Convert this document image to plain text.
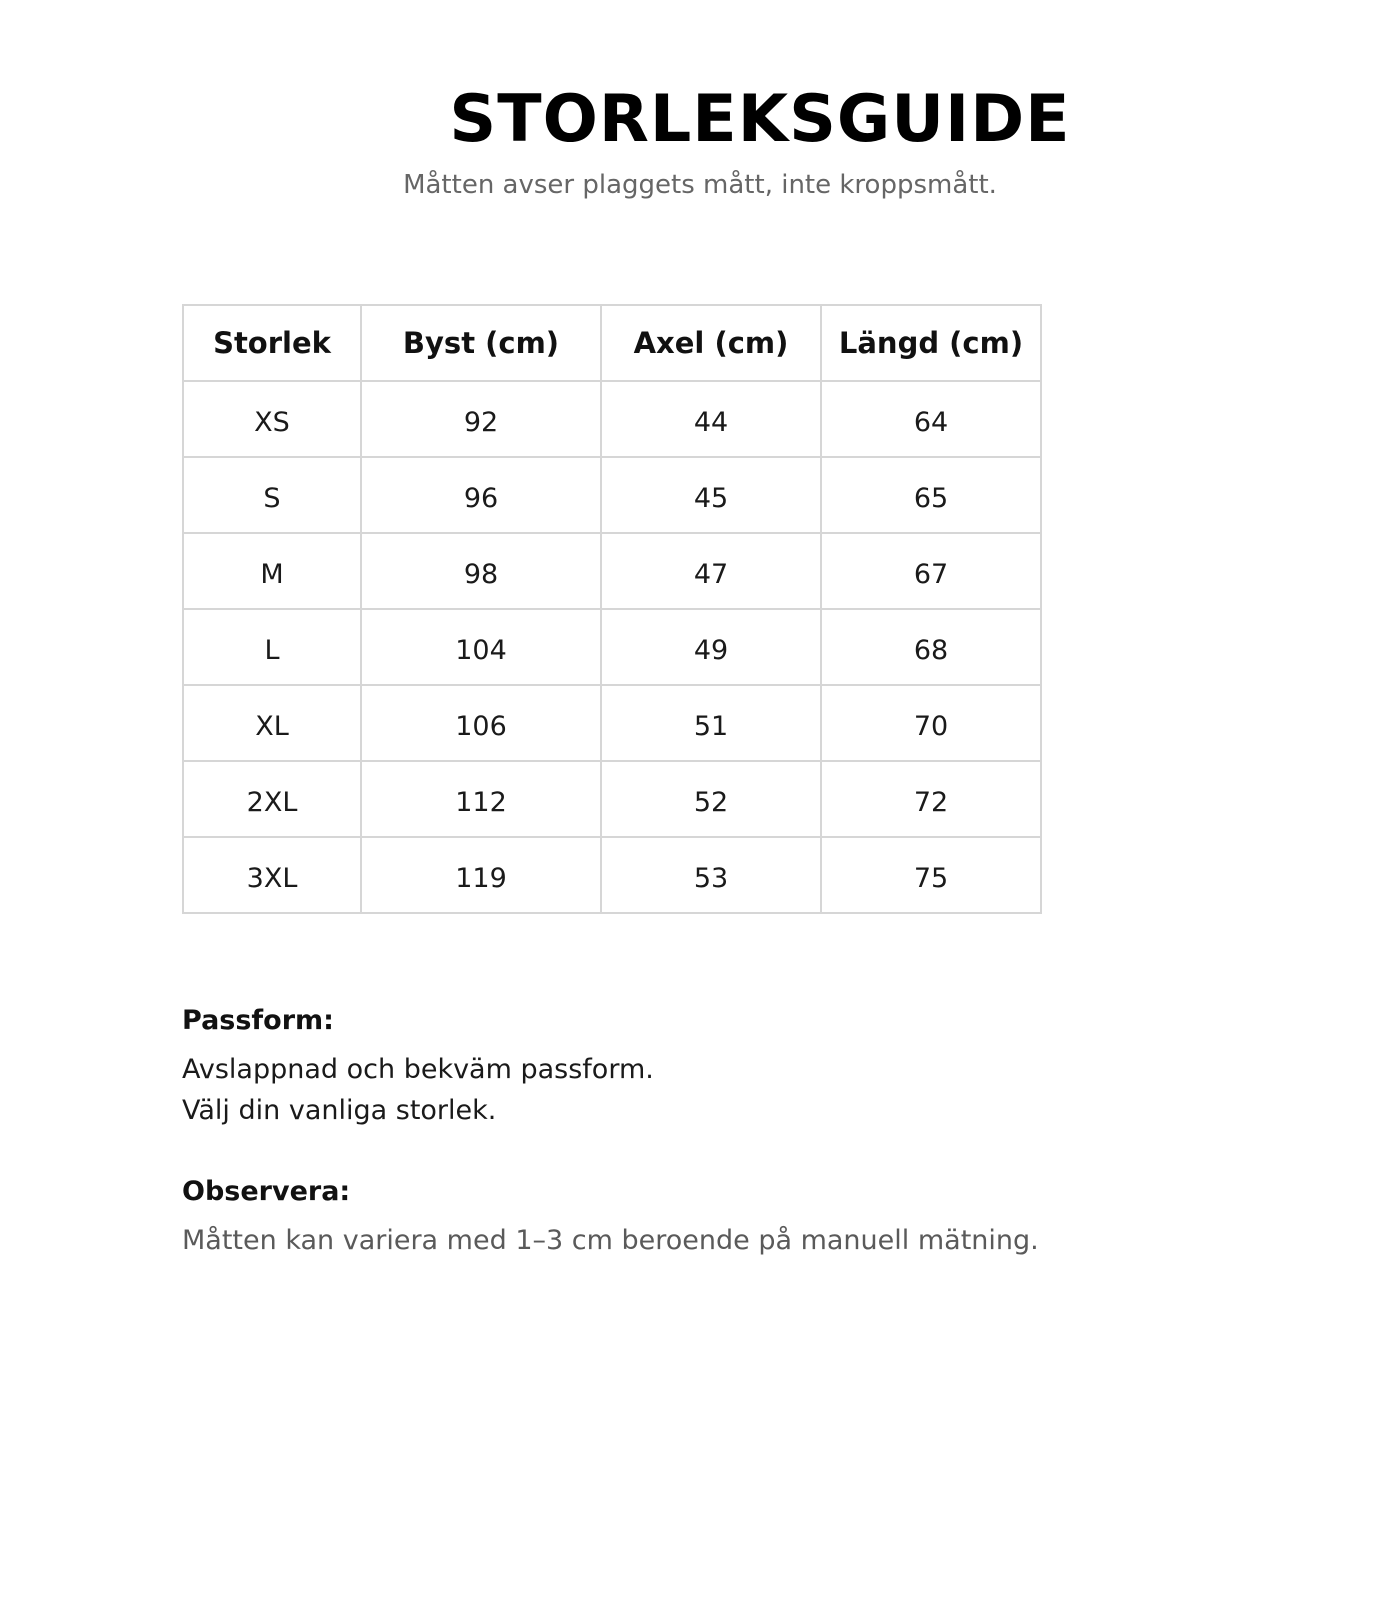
STORLEKSGUIDE
Måtten avser plaggets mått, inte kroppsmått.
Storlek	Byst (cm)	Axel (cm)	Längd (cm)
XS	92	44	64
S	96	45	65
M	98	47	67
L	104	49	68
XL	106	51	70
2XL	112	52	72
3XL	119	53	75
Passform:

Avslappnad och bekväm passform.

Välj din vanliga storlek.

Observera:

Måtten kan variera med 1–3 cm beroende på manuell mätning.
